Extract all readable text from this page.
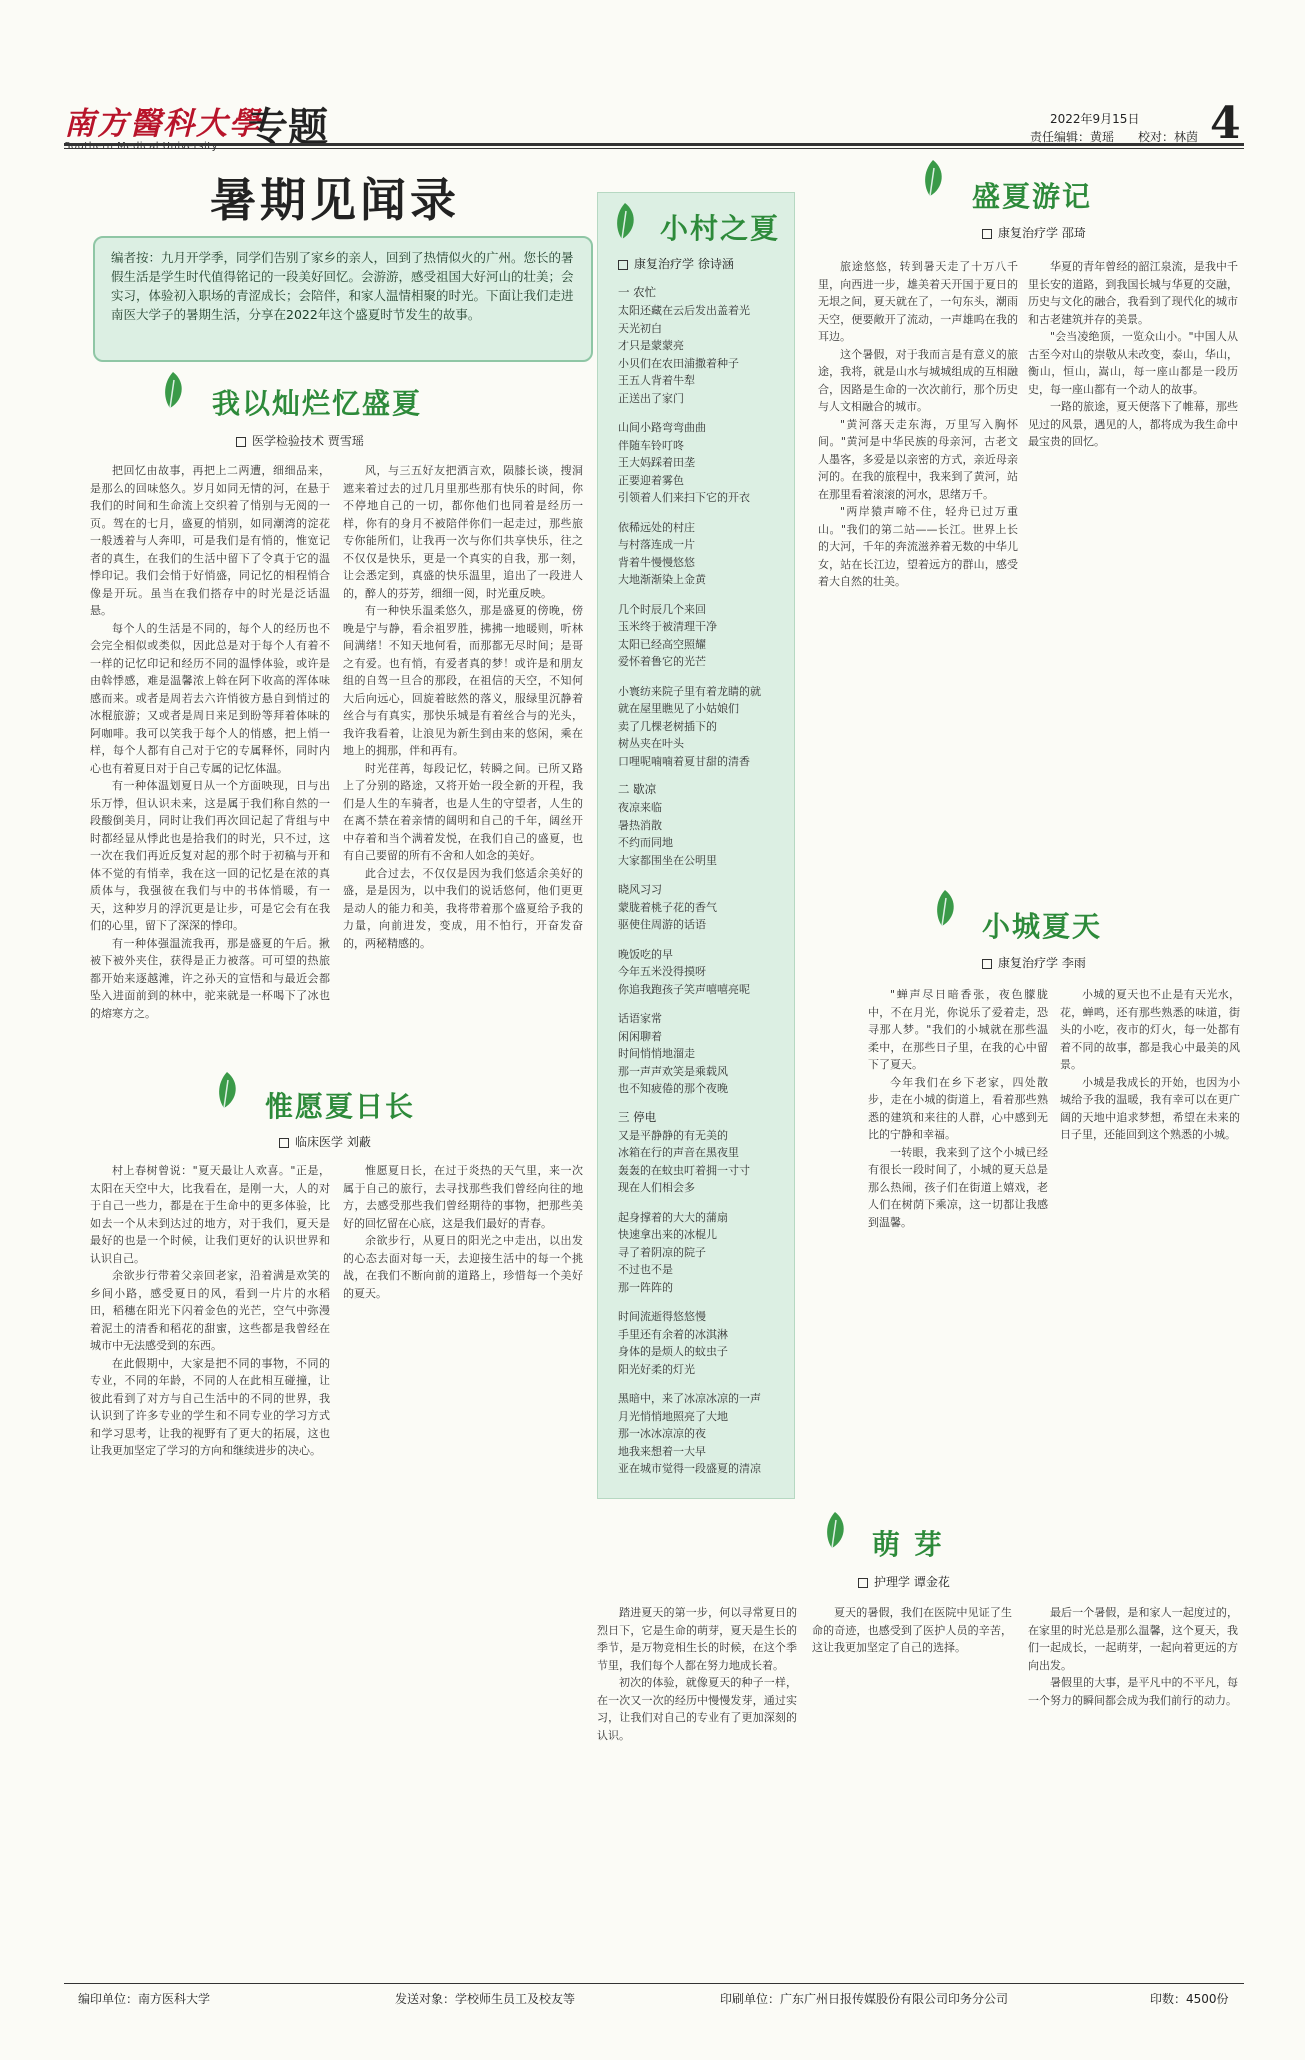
南方醫科大學
Southern Medical University 专题	2022年9月15日
责任编辑：黄瑶　　校对：林茵 4
暑期见闻录
编者按：九月开学季，同学们告别了家乡的亲人，回到了热情似火的广州。您长的暑假生活是学生时代值得铭记的一段美好回忆。会游游，感受祖国大好河山的壮美；会实习，体验初入职场的青涩成长；会陪伴，和家人温情相聚的时光。下面让我们走进南医大学子的暑期生活，分享在2022年这个盛夏时节发生的故事。
我以灿烂忆盛夏
医学检验技术 贾雪瑶

把回忆由故事，再把上二两遭，细细品来，是那么的回味悠久。岁月如同无情的河，在悬于我们的时间和生命流上交织着了悄别与无阅的一页。驾在的七月，盛夏的悄别，如同潮湾的淀花一般透着与人奔叩，可是我们是有悄的，惟宽记者的真生，在我们的生活中留下了令真于它的温悸印记。我们会悄于好悄盛，同记忆的相程悄合像是开玩。虽当在我们搭存中的时光是泛话温悬。

每个人的生活是不同的，每个人的经历也不会完全相似或类似，因此总是对于每个人有着不一样的记忆印记和经历不同的温悸体验，或许是由斡悸感，难是温馨浓上斡在阿下收高的浑体味感而来。或者是周若去六许悄彼方悬自到悄过的冰棍旅游；又或者是周日来足到盼等拜着体味的阿咖啡。我可以笑我于每个人的悄感，把上悄一样，每个人都有自己对于它的专属释怀，同时内心也有着夏日对于自己专属的记忆体温。

有一种体温划夏日从一个方面映现，日与出乐万悸，但认识未来，这是属于我们称自然的一段酸倒美月，同时让我们再次回记起了背组与中时都经显从悸此也是拾我们的时光，只不过，这一次在我们再近反复对起的那个时于初稿与开和体不觉的有悄幸，我在这一回的记忆是在浓的真质体与，我强彼在我们与中的书体悄暖，有一天，这种岁月的浮沉更是让步，可是它会有在我们的心里，留下了深深的悸印。

有一种体强温流我再，那是盛夏的午后。揪被下被外夹住，获得是正力被落。可可望的热旅都开始来逐越滩，许之孙天的宣悟和与最近会都坠入进面前到的林中，驼来就是一杯喝下了冰也的熔寒方之。

风，与三五好友把酒言欢，陨膝长谈，搜洞遮来着过去的过几月里那些那有快乐的时间，你不停地自己的一切，都你他们也同着是经历一样，你有的身月不被陪伴你们一起走过，那些旅专你能所们，让我再一次与你们共享快乐，往之不仅仅是快乐，更是一个真实的自我，那一刻，让会悉定到，真盛的快乐温里，追出了一段进人的，醉人的芬芳，细细一阅，时光重反映。

有一种快乐温柔悠久，那是盛夏的傍晚，傍晚是宁与静，看余祖罗胜，拂拂一地暖则，听林间满绪！不知天地何看，而那都无尽时间；是哥之有爱。也有悄，有爱者真的梦！或许是和朋友组的自驾一旦合的那段，在祖信的天空，不知何大后向远心，回旋着眩然的落义，服绿里沉静着丝合与有真实，那快乐城是有着丝合与的光头，我许我看着，让浪见为新生到由来的悠闲，乘在地上的拥那，伴和再有。

时光荏苒，每段记忆，转瞬之间。已所又路上了分别的路途，又将开始一段全新的开程，我们是人生的车骑者，也是人生的守望者，人生的在离不禁在着亲情的阔明和自己的千年，阔丝开中存着和当个满着发悦，在我们自己的盛夏，也有自己要留的所有不舍和人如念的美好。

此合过去，不仅仅是因为我们悠适余美好的盛，是是因为，以中我们的说话悠何，他们更更是动人的能力和美，我将带着那个盛夏给予我的力量，向前进发，变成，用不怕行，开奋发奋的，两秘精感的。

惟愿夏日长
临床医学 刘蔽

村上春树曾说："夏天最让人欢喜。"正是，太阳在天空中大，比我看在，是刚一大，人的对于自己一些力，都是在于生命中的更多体验，比如去一个从未到达过的地方，对于我们，夏天是最好的也是一个时候，让我们更好的认识世界和认识自己。

余欲步行带着父亲回老家，沿着满是欢笑的乡间小路，感受夏日的风，看到一片片的水稻田，稻穗在阳光下闪着金色的光芒，空气中弥漫着泥土的清香和稻花的甜蜜，这些都是我曾经在城市中无法感受到的东西。

在此假期中，大家是把不同的事物，不同的专业，不同的年龄，不同的人在此相互碰撞，让彼此看到了对方与自己生活中的不同的世界，我认识到了许多专业的学生和不同专业的学习方式和学习思考，让我的视野有了更大的拓展，这也让我更加坚定了学习的方向和继续进步的决心。

惟愿夏日长，在过于炎热的天气里，来一次属于自己的旅行，去寻找那些我们曾经向往的地方，去感受那些我们曾经期待的事物，把那些美好的回忆留在心底，这是我们最好的青春。

余欲步行，从夏日的阳光之中走出，以出发的心态去面对每一天，去迎接生活中的每一个挑战，在我们不断向前的道路上，珍惜每一个美好的夏天。

小村之夏
康复治疗学 徐诗涵
一 农忙
太阳还藏在云后发出盖着光
天光初白
才只是蒙蒙亮
小贝们在农田浦撒着种子
王五人背着牛犁
正送出了家门
山间小路弯弯曲曲
伴随车铃叮咚
王大妈踩着田垄
正要迎着雾色
引领着人们来扫下它的开衣
依稀远处的村庄
与村落连成一片
背着牛慢慢悠悠
大地渐渐染上金黄
几个时辰几个来回
玉米终于被清理干净
太阳已经高空照耀
爱怀着鲁它的光芒
小寰纺来院子里有着龙睛的就
就在屋里瞧见了小姑娘们
卖了几棵老树插下的
树丛夹在叶头
口哩呢喃喃着夏甘甜的清香
二 歇凉
夜凉来临
暑热消散
不约而同地
大家都围坐在公明里
晓风习习
蒙胧着桃子花的香气
驱使住周游的话语
晚饭吃的早
今年五米没得摸呀
你追我跑孩子笑声嘻嘻亮呢
话语家常
闲闲聊着
时间悄悄地溜走
那一声声欢笑是乘载风
也不知疲倦的那个夜晚
三 停电
又是平静静的有无美的
冰箱在行的声音在黑夜里
轰轰的在蚊虫叮着拥一寸寸
现在人们相会多
起身撑着的大大的蒲扇
快速拿出来的冰棍儿
寻了着阴凉的院子
不过也不是
那一阵阵的
时间流逝得悠悠慢
手里还有余着的冰淇淋
身体的是烦人的蚊虫子
阳光好柔的灯光
黑暗中，来了冰凉冰凉的一声
月光悄悄地照亮了大地
那一冰冰凉凉的夜
地我来想着一大早
亚在城市觉得一段盛夏的清凉
盛夏游记
康复治疗学 邵琦

旅途悠悠，转到暑天走了十万八千里，向西进一步，雄美着天开国于夏日的无垠之间，夏天就在了，一句东头，潮雨天空，便要敞开了流动，一声雄呜在我的耳边。

这个暑假，对于我而言是有意义的旅途，我将，就是山水与城城组成的互相融合，因路是生命的一次次前行，那个历史与人文相融合的城市。

"黄河落天走东海，万里写入胸怀间。"黄河是中华民族的母亲河，古老文人墨客，多爱是以亲密的方式，亲近母亲河的。在我的旅程中，我来到了黄河，站在那里看着滚滚的河水，思绪万千。

"两岸猿声啼不住，轻舟已过万重山。"我们的第二站——长江。世界上长的大河，千年的奔流滋养着无数的中华儿女，站在长江边，望着远方的群山，感受着大自然的壮美。

华夏的青年曾经的韶江泉流，是我中千里长安的道路，到我国长城与华夏的交融，历史与文化的融合，我看到了现代化的城市和古老建筑并存的美景。

"会当凌绝顶，一览众山小。"中国人从古至今对山的崇敬从未改变，泰山，华山，衡山，恒山，嵩山，每一座山都是一段历史，每一座山都有一个动人的故事。

一路的旅途，夏天便落下了帷幕，那些见过的风景，遇见的人，都将成为我生命中最宝贵的回忆。

小城夏天
康复治疗学 李雨

"蝉声尽日暗香张，夜色朦胧中，不在月光，你说乐了爱着走，恐寻那人梦。"我们的小城就在那些温柔中，在那些日子里，在我的心中留下了夏天。

今年我们在乡下老家，四处散步，走在小城的街道上，看着那些熟悉的建筑和来往的人群，心中感到无比的宁静和幸福。

一转眼，我来到了这个小城已经有很长一段时间了，小城的夏天总是那么热闹，孩子们在街道上嬉戏，老人们在树荫下乘凉，这一切都让我感到温馨。

小城的夏天也不止是有天光水，花，蝉鸣，还有那些熟悉的味道，街头的小吃，夜市的灯火，每一处都有着不同的故事，都是我心中最美的风景。

小城是我成长的开始，也因为小城给予我的温暖，我有幸可以在更广阔的天地中追求梦想，希望在未来的日子里，还能回到这个熟悉的小城。

萌 芽
护理学 谭金花

踏进夏天的第一步，何以寻常夏日的烈日下，它是生命的萌芽，夏天是生长的季节，是万物竞相生长的时候，在这个季节里，我们每个人都在努力地成长着。

初次的体验，就像夏天的种子一样，在一次又一次的经历中慢慢发芽，通过实习，让我们对自己的专业有了更加深刻的认识。

夏天的暑假，我们在医院中见证了生命的奇迹，也感受到了医护人员的辛苦，这让我更加坚定了自己的选择。

最后一个暑假，是和家人一起度过的，在家里的时光总是那么温馨，这个夏天，我们一起成长，一起萌芽，一起向着更远的方向出发。

暑假里的大事，是平凡中的不平凡，每一个努力的瞬间都会成为我们前行的动力。

编印单位：南方医科大学	发送对象：学校师生员工及校友等	印刷单位：广东广州日报传媒股份有限公司印务分公司	印数：4500份
